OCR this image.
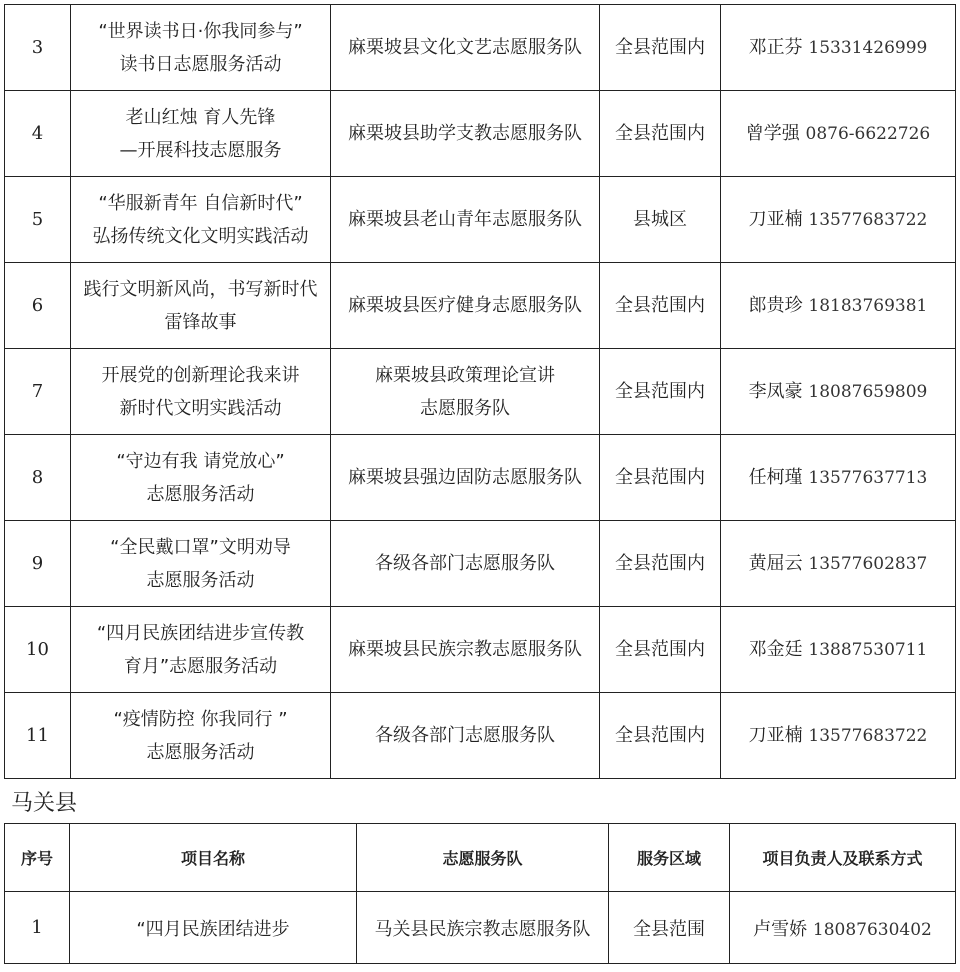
3	“世界读书日·你我同参与”
读书日志愿服务活动	麻栗坡县文化文艺志愿服务队	全县范围内	邓正芬 15331426999
4	老山红烛 育人先锋
—开展科技志愿服务	麻栗坡县助学支教志愿服务队	全县范围内	曾学强 0876-6622726
5	“华服新青年 自信新时代”
弘扬传统文化文明实践活动	麻栗坡县老山青年志愿服务队	县城区	刀亚楠 13577683722
6	践行文明新风尚，书写新时代
雷锋故事	麻栗坡县医疗健身志愿服务队	全县范围内	郎贵珍 18183769381
7	开展党的创新理论我来讲
新时代文明实践活动	麻栗坡县政策理论宣讲
志愿服务队	全县范围内	李凤豪 18087659809
8	“守边有我 请党放心”
志愿服务活动	麻栗坡县强边固防志愿服务队	全县范围内	任柯瑾 13577637713
9	“全民戴口罩”文明劝导
志愿服务活动	各级各部门志愿服务队	全县范围内	黄屈云 13577602837
10	“四月民族团结进步宣传教
育月”志愿服务活动	麻栗坡县民族宗教志愿服务队	全县范围内	邓金廷 13887530711
11	“疫情防控 你我同行 ”
志愿服务活动	各级各部门志愿服务队	全县范围内	刀亚楠 13577683722
马关县
序号	项目名称	志愿服务队	服务区域	项目负责人及联系方式
1	“四月民族团结进步	马关县民族宗教志愿服务队	全县范围	卢雪娇 18087630402
